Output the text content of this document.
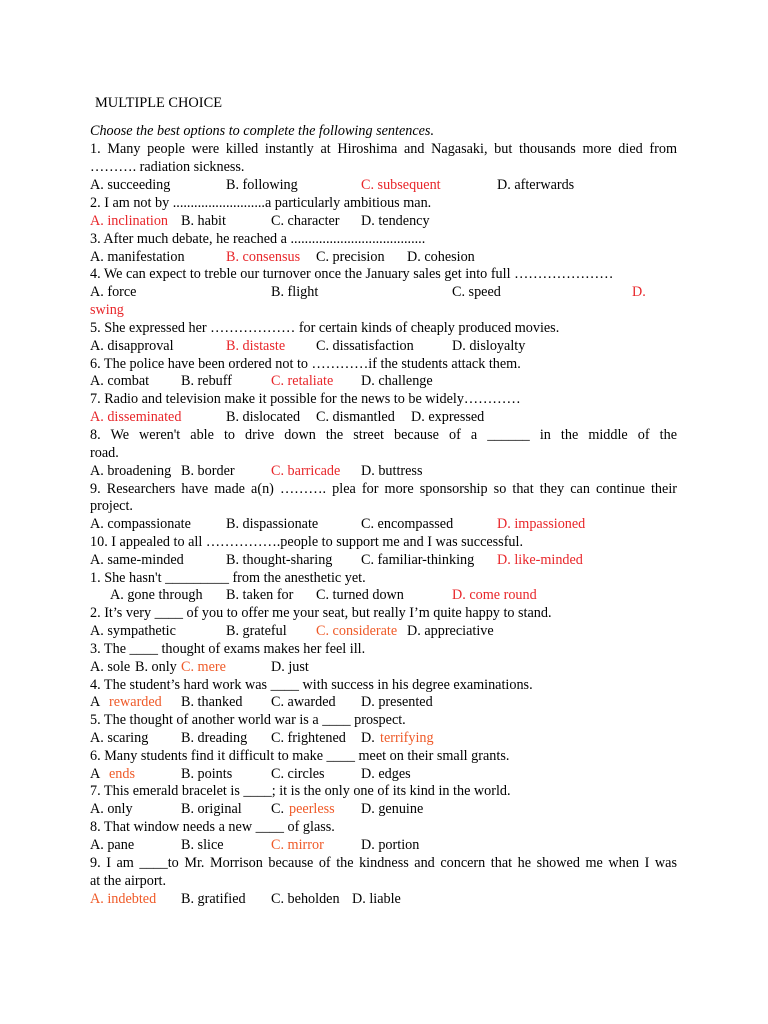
MULTIPLE CHOICE
Choose the best options to complete the following sentences.
1. Many people were killed instantly at Hiroshima and Nagasaki, but thousands more died from
………. radiation sickness.
A. succeeding	B. following	C. subsequent	D. afterwards
2. I am not by ..........................a particularly ambitious man.
A. inclination B. habit	C. character D. tendency
3. After much debate, he reached a ......................................
A. manifestation	B. consensus C. precision D. cohesion
4. We can expect to treble our turnover once the January sales get into full …………………
A. force	B. flight	C. speed	D.
swing
5. She expressed her ……………… for certain kinds of cheaply produced movies.
A. disapproval	B. distaste C. dissatisfaction	D. disloyalty
6. The police have been ordered not to …………if the students attack them.
A. combat B. rebuff	C. retaliate D. challenge
7. Radio and television make it possible for the news to be widely…………
A. disseminated	B. dislocated C. dismantled D. expressed
8. We weren't able to drive down the street because of a ______ in the middle of the
road.
A. broadening B. border	C. barricade D. buttress
9. Researchers have made a(n) ………. plea for more sponsorship so that they can continue their
project.
A. compassionate B. dispassionate	C. encompassed	D. impassioned
10. I appealed to all …………….people to support me and I was successful.
A. same-minded	B. thought-sharing C. familiar-thinking D. like-minded
1. She hasn't _________ from the anesthetic yet.
A. gone through B. taken for C. turned down	D. come round
2. It’s very ____ of you to offer me your seat, but really I’m quite happy to stand.
A. sympathetic	B. grateful C. considerate D. appreciative
3. The ____ thought of exams makes her feel ill.
A. sole B. only C. mere	D. just
4. The student’s hard work was ____ with success in his degree examinations.
A rewarded B. thanked C. awarded D. presented
5. The thought of another world war is a ____ prospect.
A. scaring B. dreading C. frightened D. terrifying
6. Many students find it difficult to make ____ meet on their small grants.
A ends	B. points	C. circles	D. edges
7. This emerald bracelet is ____; it is the only one of its kind in the world.
A. only	B. original C. peerless D. genuine
8. That window needs a new ____ of glass.
A. pane	B. slice	C. mirror	D. portion
9. I am ____to Mr. Morrison because of the kindness and concern that he showed me when I was
at the airport.
A. indebted B. gratified C. beholden D. liable
